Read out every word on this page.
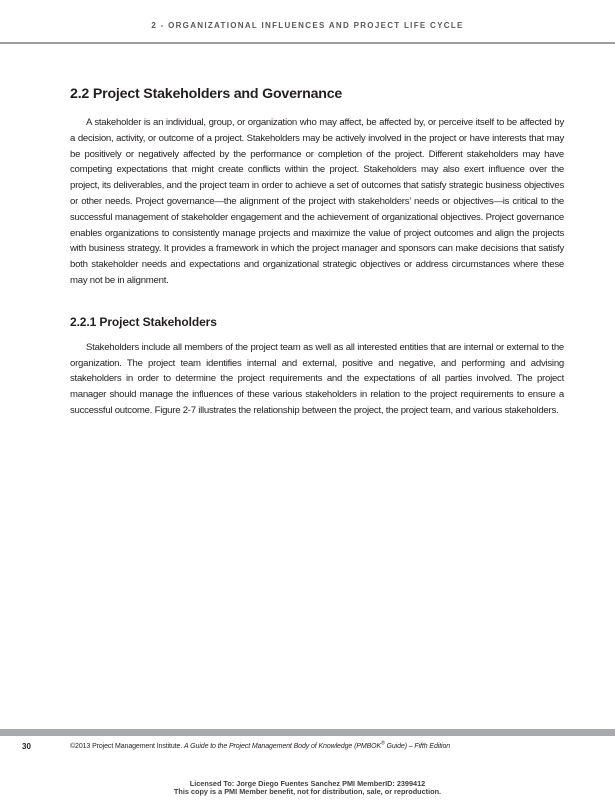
2 - ORGANIZATIONAL INFLUENCES AND PROJECT LIFE CYCLE
2.2 Project Stakeholders and Governance

A stakeholder is an individual, group, or organization who may affect, be affected by, or perceive itself to be affected by a decision, activity, or outcome of a project. Stakeholders may be actively involved in the project or have interests that may be positively or negatively affected by the performance or completion of the project. Different stakeholders may have competing expectations that might create conflicts within the project. Stakeholders may also exert influence over the project, its deliverables, and the project team in order to achieve a set of outcomes that satisfy strategic business objectives or other needs. Project governance—the alignment of the project with stakeholders’ needs or objectives—is critical to the successful management of stakeholder engagement and the achievement of organizational objectives. Project governance enables organizations to consistently manage projects and maximize the value of project outcomes and align the projects with business strategy. It provides a framework in which the project manager and sponsors can make decisions that satisfy both stakeholder needs and expectations and organizational strategic objectives or address circumstances where these may not be in alignment.

2.2.1 Project Stakeholders

Stakeholders include all members of the project team as well as all interested entities that are internal or external to the organization. The project team identifies internal and external, positive and negative, and performing and advising stakeholders in order to determine the project requirements and the expectations of all parties involved. The project manager should manage the influences of these various stakeholders in relation to the project requirements to ensure a successful outcome. Figure 2-7 illustrates the relationship between the project, the project team, and various stakeholders.

30	©2013 Project Management Institute. A Guide to the Project Management Body of Knowledge (PMBOK® Guide) – Fifth Edition
Licensed To: Jorge Diego Fuentes Sanchez PMI MemberID: 2399412
This copy is a PMI Member benefit, not for distribution, sale, or reproduction.
